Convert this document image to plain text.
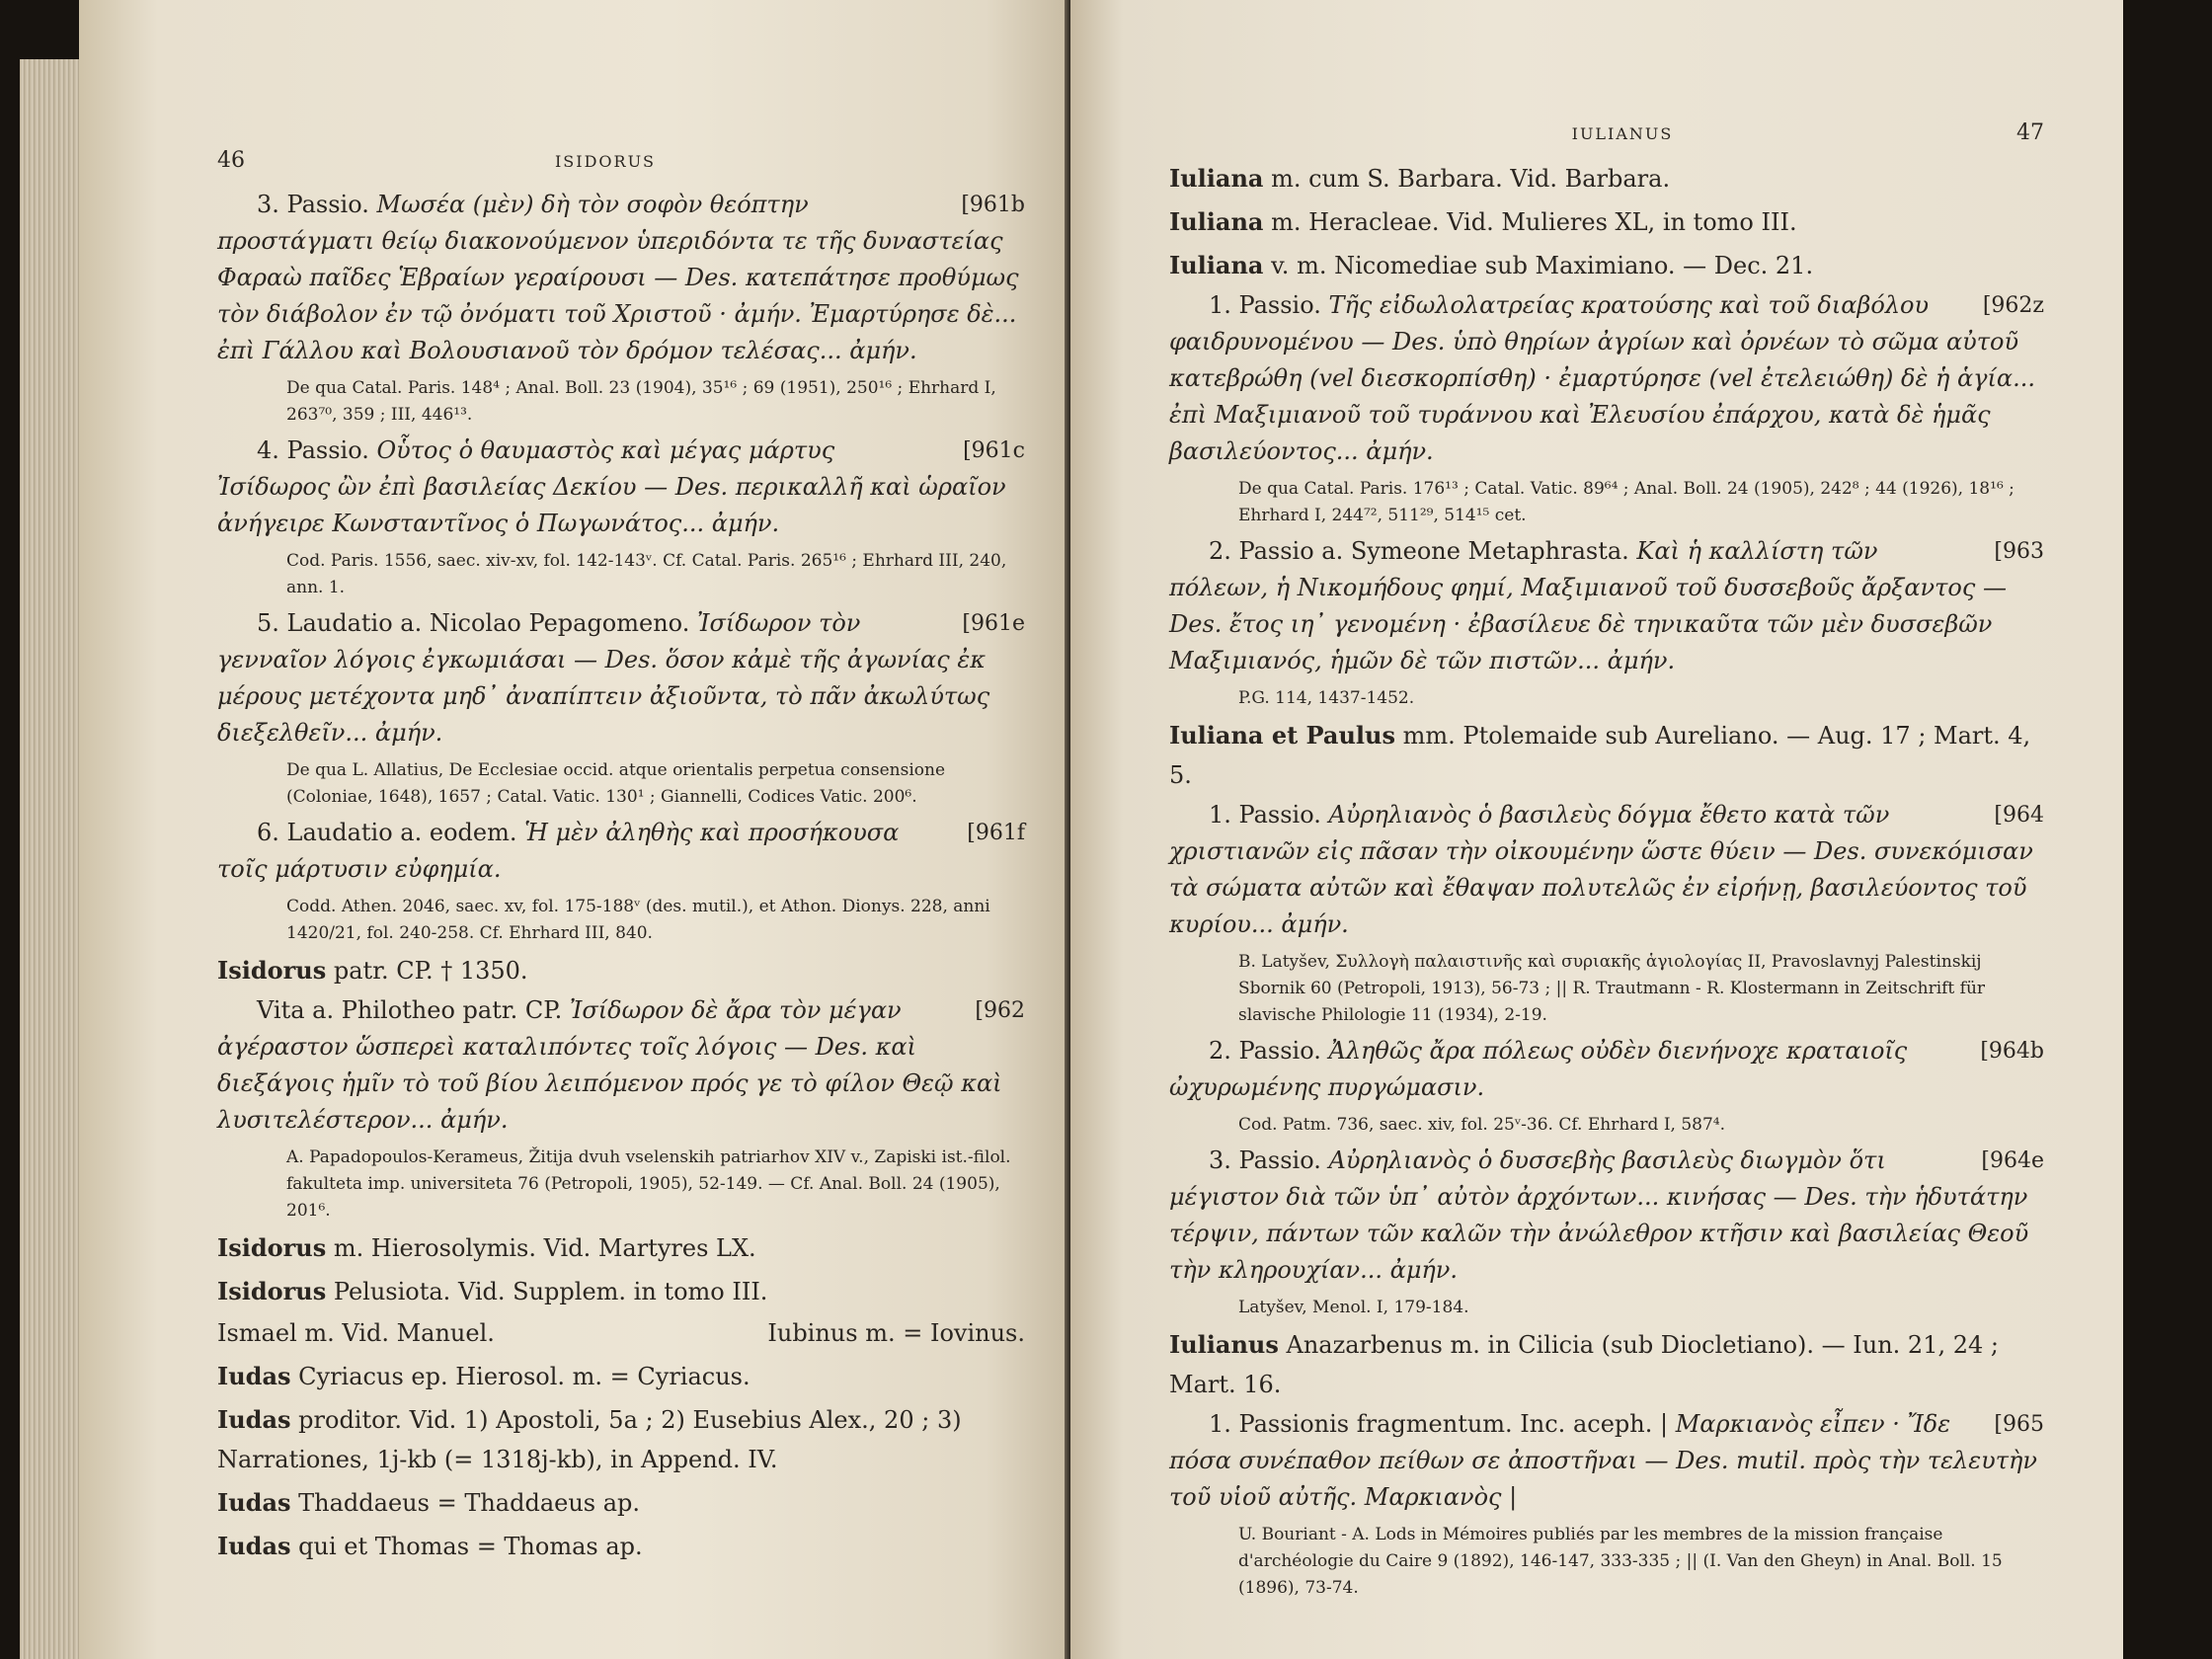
46	ISIDORUS

[961b
3. Passio. Μωσέα (μὲν) δὴ τὸν σοφὸν θεόπτην προστάγματι θείῳ διακονούμενον ὑπεριδόντα τε τῆς δυναστείας Φαραὼ παῖδες Ἑβραίων γεραίρουσι — Des. κατεπάτησε προθύμως τὸν διάβολον ἐν τῷ ὀνόματι τοῦ Χριστοῦ · ἀμήν. Ἐμαρτύρησε δὲ... ἐπὶ Γάλλου καὶ Βολουσιανοῦ τὸν δρόμον τελέσας... ἀμήν.

De qua Catal. Paris. 148⁴ ; Anal. Boll. 23 (1904), 35¹⁶ ; 69 (1951), 250¹⁶ ; Ehrhard I, 263⁷⁰, 359 ; III, 446¹³.

[961c
4. Passio. Οὗτος ὁ θαυμαστὸς καὶ μέγας μάρτυς Ἰσίδωρος ὢν ἐπὶ βασιλείας Δεκίου — Des. περικαλλῆ καὶ ὡραῖον ἀνήγειρε Κωνσταντῖνος ὁ Πωγωνάτος... ἀμήν.

Cod. Paris. 1556, saec. xiv-xv, fol. 142-143ᵛ. Cf. Catal. Paris. 265¹⁶ ; Ehrhard III, 240, ann. 1.

[961e
5. Laudatio a. Nicolao Pepagomeno. Ἰσίδωρον τὸν γενναῖον λόγοις ἐγκωμιάσαι — Des. ὅσον κἀμὲ τῆς ἀγωνίας ἐκ μέρους μετέχοντα μηδ᾽ ἀναπίπτειν ἀξιοῦντα, τὸ πᾶν ἀκωλύτως διεξελθεῖν... ἀμήν.

De qua L. Allatius, De Ecclesiae occid. atque orientalis perpetua consensione (Coloniae, 1648), 1657 ; Catal. Vatic. 130¹ ; Giannelli, Codices Vatic. 200⁶.

[961f
6. Laudatio a. eodem. Ἡ μὲν ἀληθὴς καὶ προσήκουσα τοῖς μάρτυσιν εὐφημία.

Codd. Athen. 2046, saec. xv, fol. 175-188ᵛ (des. mutil.), et Athon. Dionys. 228, anni 1420/21, fol. 240-258. Cf. Ehrhard III, 840.

Isidorus patr. CP. † 1350.

[962
Vita a. Philotheo patr. CP. Ἰσίδωρον δὲ ἄρα τὸν μέγαν ἀγέραστον ὥσπερεὶ καταλιπόντες τοῖς λόγοις — Des. καὶ διεξάγοις ἡμῖν τὸ τοῦ βίου λειπόμενον πρός γε τὸ φίλον Θεῷ καὶ λυσιτελέστερον... ἀμήν.

A. Papadopoulos-Kerameus, Žitija dvuh vselenskih patriarhov XIV v., Zapiski ist.-filol. fakulteta imp. universiteta 76 (Petropoli, 1905), 52-149. — Cf. Anal. Boll. 24 (1905), 201⁶.

Isidorus m. Hierosolymis. Vid. Martyres LX.

Isidorus Pelusiota. Vid. Supplem. in tomo III.

Ismael m. Vid. Manuel.	Iubinus m. = Iovinus.

Iudas Cyriacus ep. Hierosol. m. = Cyriacus.

Iudas proditor. Vid. 1) Apostoli, 5a ; 2) Eusebius Alex., 20 ; 3) Narrationes, 1j-kb (= 1318j-kb), in Append. IV.

Iudas Thaddaeus = Thaddaeus ap.

Iudas qui et Thomas = Thomas ap.

IULIANUS	47

Iuliana m. cum S. Barbara. Vid. Barbara.

Iuliana m. Heracleae. Vid. Mulieres XL, in tomo III.

Iuliana v. m. Nicomediae sub Maximiano. — Dec. 21.

[962z
1. Passio. Τῆς εἰδωλολατρείας κρατούσης καὶ τοῦ διαβόλου φαιδρυνομένου — Des. ὑπὸ θηρίων ἀγρίων καὶ ὀρνέων τὸ σῶμα αὐτοῦ κατεβρώθη (vel διεσκορπίσθη) · ἐμαρτύρησε (vel ἐτελειώθη) δὲ ἡ ἁγία... ἐπὶ Μαξιμιανοῦ τοῦ τυράννου καὶ Ἐλευσίου ἐπάρχου, κατὰ δὲ ἡμᾶς βασιλεύοντος... ἀμήν.

De qua Catal. Paris. 176¹³ ; Catal. Vatic. 89⁶⁴ ; Anal. Boll. 24 (1905), 242⁸ ; 44 (1926), 18¹⁶ ; Ehrhard I, 244⁷², 511²⁹, 514¹⁵ cet.

[963
2. Passio a. Symeone Metaphrasta. Καὶ ἡ καλλίστη τῶν πόλεων, ἡ Νικομήδους φημί, Μαξιμιανοῦ τοῦ δυσσεβοῦς ἄρξαντος — Des. ἔτος ιη᾽ γενομένη · ἐβασίλευε δὲ τηνικαῦτα τῶν μὲν δυσσεβῶν Μαξιμιανός, ἡμῶν δὲ τῶν πιστῶν... ἀμήν.

P.G. 114, 1437-1452.

Iuliana et Paulus mm. Ptolemaide sub Aureliano. — Aug. 17 ; Mart. 4, 5.

[964
1. Passio. Αὐρηλιανὸς ὁ βασιλεὺς δόγμα ἔθετο κατὰ τῶν χριστιανῶν εἰς πᾶσαν τὴν οἰκουμένην ὥστε θύειν — Des. συνεκόμισαν τὰ σώματα αὐτῶν καὶ ἔθαψαν πολυτελῶς ἐν εἰρήνῃ, βασιλεύοντος τοῦ κυρίου... ἀμήν.

B. Latyšev, Συλλογὴ παλαιστινῆς καὶ συριακῆς ἁγιολογίας II, Pravoslavnyj Palestinskij Sbornik 60 (Petropoli, 1913), 56-73 ; || R. Trautmann - R. Klostermann in Zeitschrift für slavische Philologie 11 (1934), 2-19.

[964b
2. Passio. Ἀληθῶς ἄρα πόλεως οὐδὲν διενήνοχε κραταιοῖς ὠχυρωμένης πυργώμασιν.

Cod. Patm. 736, saec. xiv, fol. 25ᵛ-36. Cf. Ehrhard I, 587⁴.

[964e
3. Passio. Αὐρηλιανὸς ὁ δυσσεβὴς βασιλεὺς διωγμὸν ὅτι μέγιστον διὰ τῶν ὑπ᾽ αὐτὸν ἀρχόντων... κινήσας — Des. τὴν ἡδυτάτην τέρψιν, πάντων τῶν καλῶν τὴν ἀνώλεθρον κτῆσιν καὶ βασιλείας Θεοῦ τὴν κληρουχίαν... ἀμήν.

Latyšev, Menol. I, 179-184.

Iulianus Anazarbenus m. in Cilicia (sub Diocletiano). — Iun. 21, 24 ; Mart. 16.

[965
1. Passionis fragmentum. Inc. aceph. | Μαρκιανὸς εἶπεν · Ἴδε πόσα συνέπαθον πείθων σε ἀποστῆναι — Des. mutil. πρὸς τὴν τελευτὴν τοῦ υἱοῦ αὐτῆς. Μαρκιανὸς |

U. Bouriant - A. Lods in Mémoires publiés par les membres de la mission française d'archéologie du Caire 9 (1892), 146-147, 333-335 ; || (I. Van den Gheyn) in Anal. Boll. 15 (1896), 73-74.
